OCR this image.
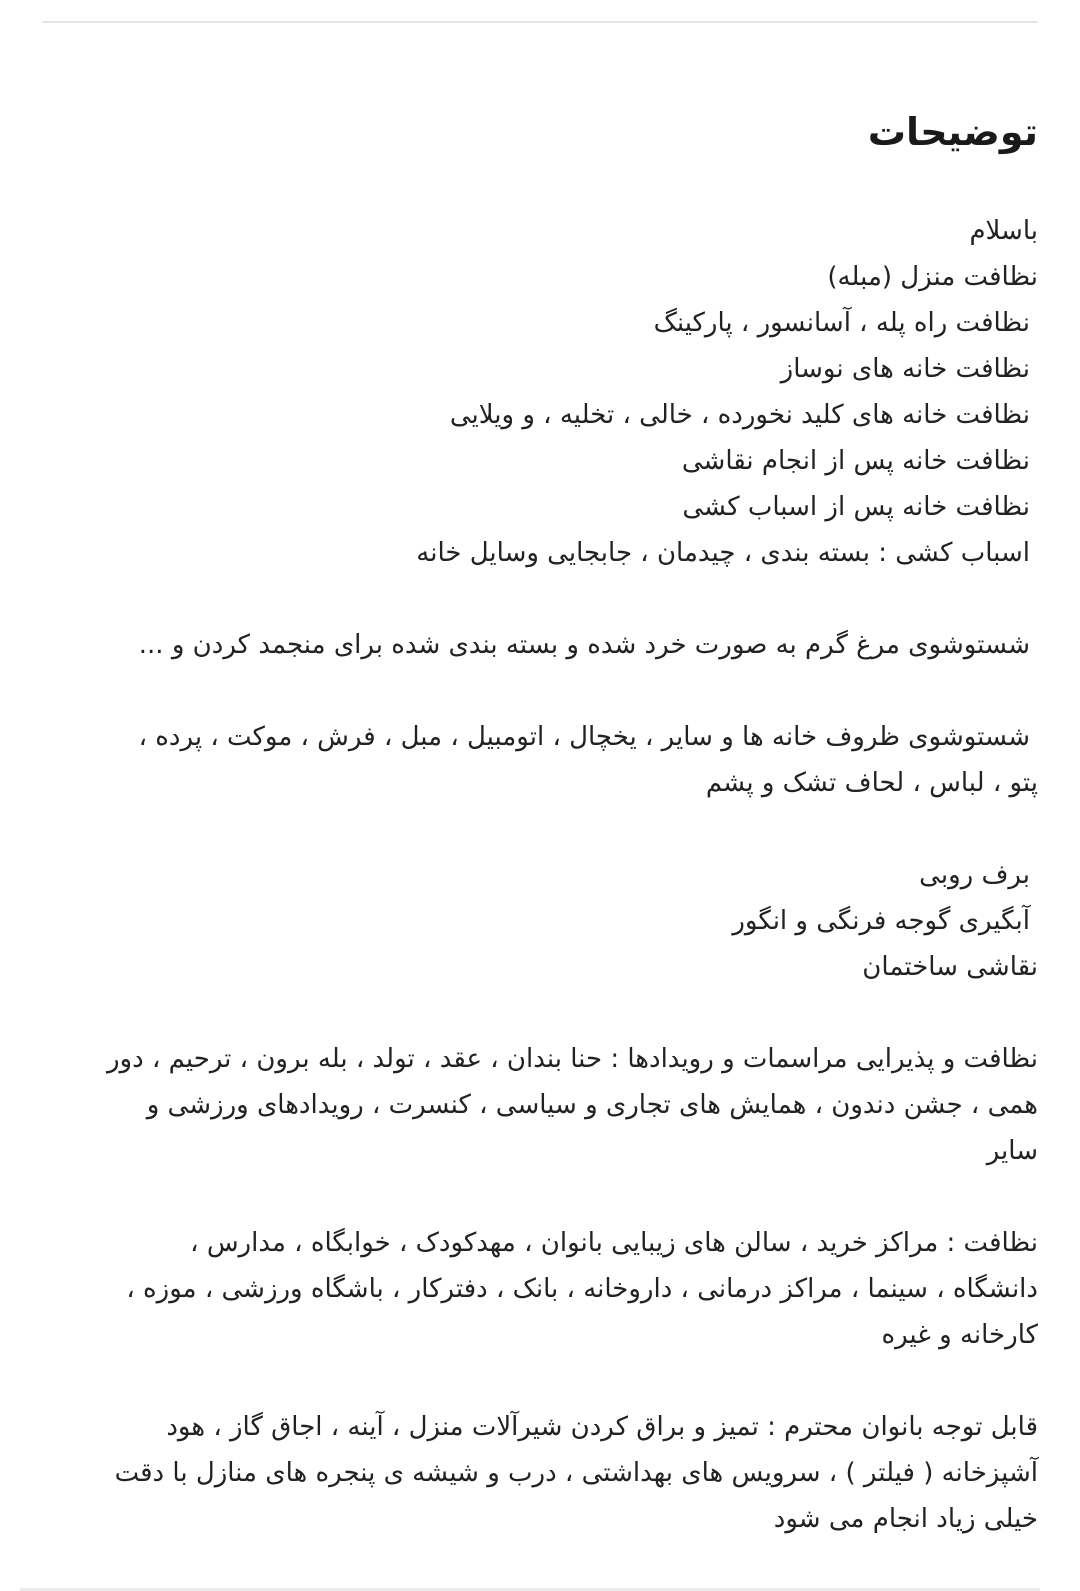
توضیحات
باسلام
نظافت منزل (مبله)
نظافت راه پله ، آسانسور ، پارکینگ
نظافت خانه های نوساز
نظافت خانه های کلید نخورده ، خالی ، تخلیه ، و ویلایی
نظافت خانه پس از انجام نقاشی
نظافت خانه پس از اسباب کشی
اسباب کشی : بسته بندی ، چیدمان ، جابجایی وسایل خانه
شستوشوی مرغ گرم به صورت خرد شده و بسته بندی شده برای منجمد کردن و ...
شستوشوی ظروف خانه ها و سایر ، یخچال ، اتومبیل ، مبل ، فرش ، موکت ، پرده ،
پتو ، لباس ، لحاف تشک و پشم
برف روبی
آبگیری گوجه فرنگی و انگور
نقاشی ساختمان
نظافت و پذیرایی مراسمات و رویدادها : حنا بندان ، عقد ، تولد ، بله برون ، ترحیم ، دور
همی ، جشن دندون ، همایش های تجاری و سیاسی ، کنسرت ، رویدادهای ورزشی و
سایر
نظافت : مراکز خرید ، سالن های زیبایی بانوان ، مهدکودک ، خوابگاه ، مدارس ،
دانشگاه ، سینما ، مراکز درمانی ، داروخانه ، بانک ، دفترکار ، باشگاه ورزشی ، موزه ،
کارخانه و غیره
قابل توجه بانوان محترم : تمیز و براق کردن شیرآلات منزل ، آینه ، اجاق گاز ، هود
آشپزخانه ( فیلتر ) ، سرویس های بهداشتی ، درب و شیشه ی پنجره های منازل با دقت
خیلی زیاد انجام می شود
